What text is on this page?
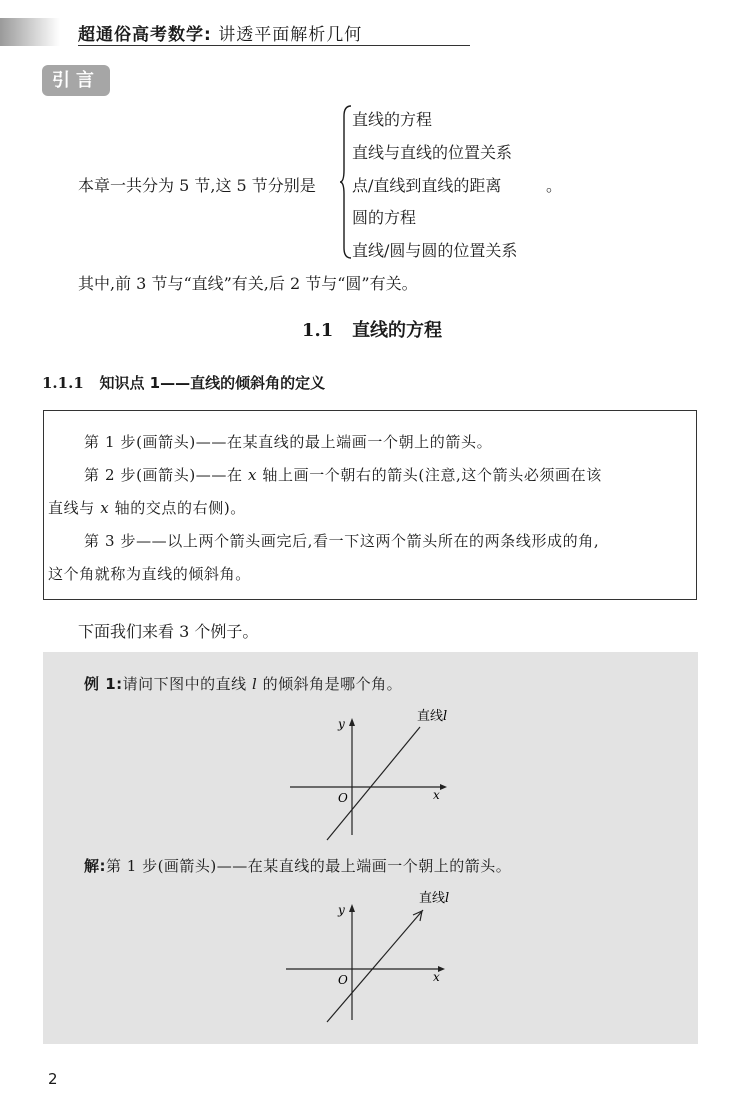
超通俗高考数学: 讲透平面解析几何
引言
本章一共分为 5 节,这 5 节分别是
直线的方程
直线与直线的位置关系
点/直线到直线的距离
圆的方程
直线/圆与圆的位置关系
。
其中,前 3 节与“直线”有关,后 2 节与“圆”有关。
1.1 直线的方程
1.1.1 知识点 1——直线的倾斜角的定义
第 1 步(画箭头)——在某直线的最上端画一个朝上的箭头。
第 2 步(画箭头)——在 x 轴上画一个朝右的箭头(注意,这个箭头必须画在该
直线与 x 轴的交点的右侧)。
第 3 步——以上两个箭头画完后,看一下这两个箭头所在的两条线形成的角,
这个角就称为直线的倾斜角。
下面我们来看 3 个例子。
例 1:请问下图中的直线 l 的倾斜角是哪个角。
y
x
O
直线l
解:第 1 步(画箭头)——在某直线的最上端画一个朝上的箭头。
y
x
O
直线l
2
